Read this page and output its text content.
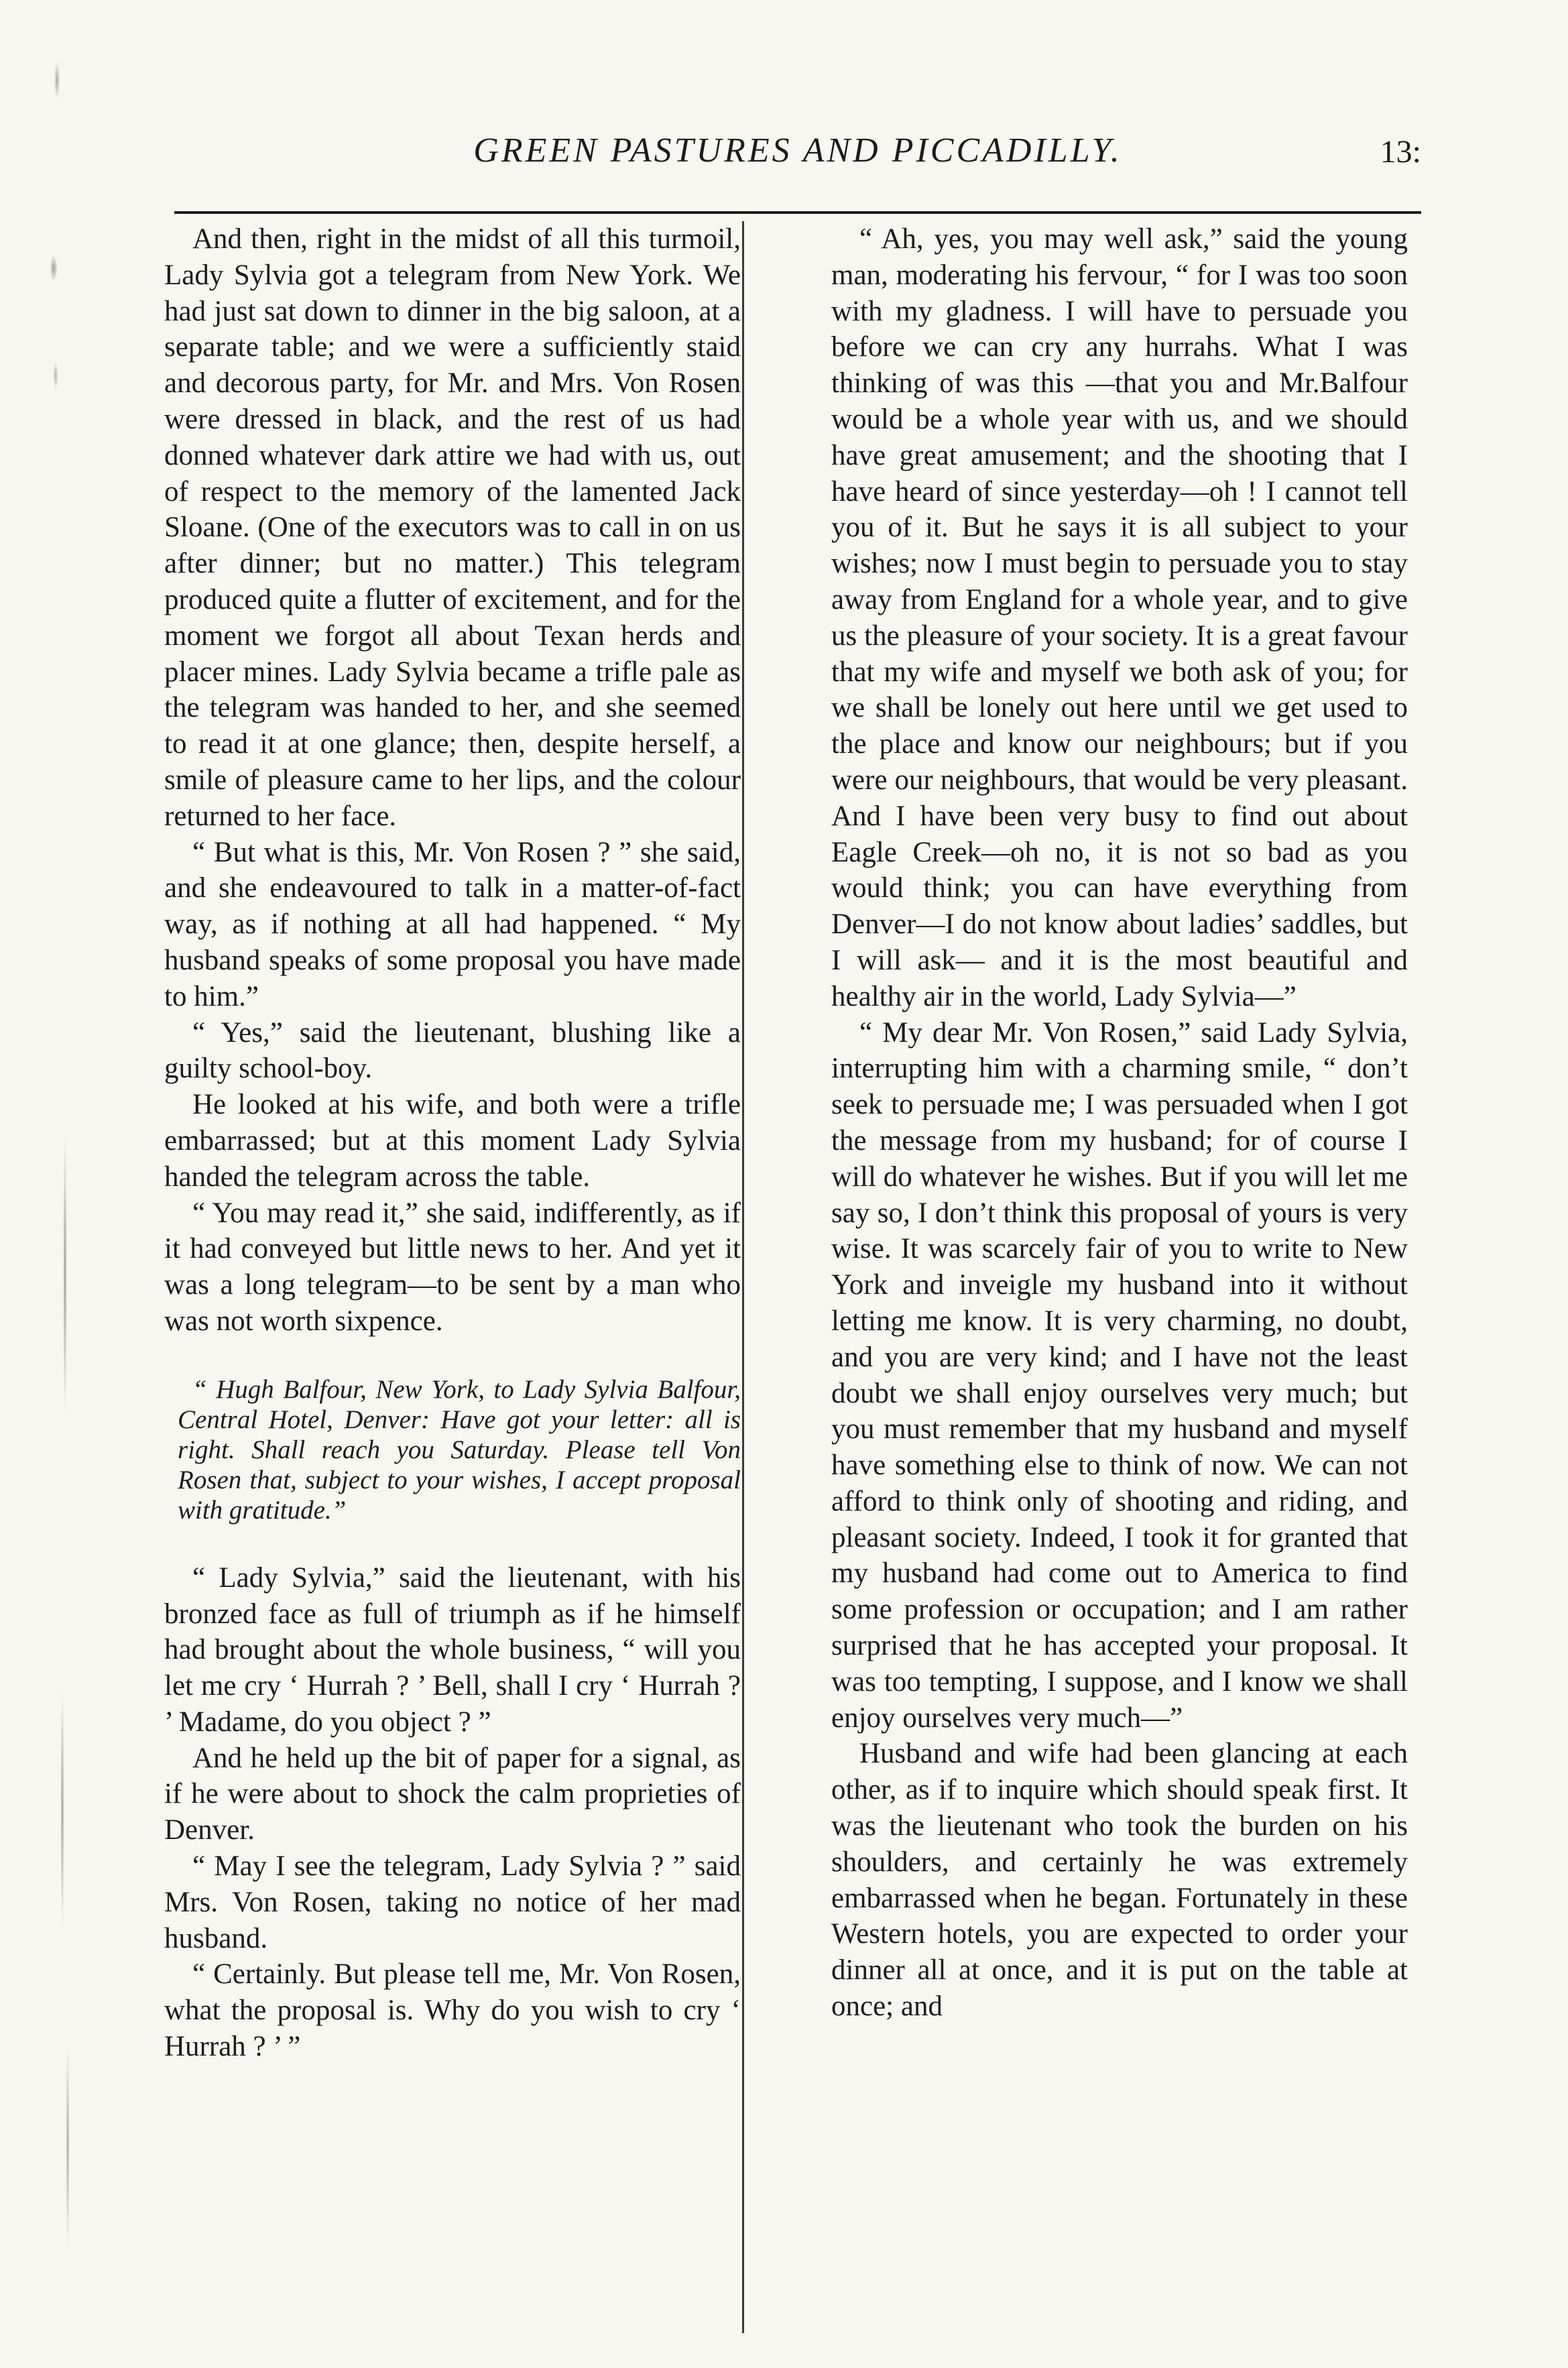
GREEN PASTURES AND PICCADILLY.	13:

And then, right in the midst of all this turmoil, Lady Sylvia got a telegram from New York. We had just sat down to dinner in the big saloon, at a separate table; and we were a sufficiently staid and decorous party, for Mr. and Mrs. Von Rosen were dressed in black, and the rest of us had donned whatever dark attire we had with us, out of respect to the memory of the lamented Jack Sloane. (One of the executors was to call in on us after dinner; but no matter.) This telegram produced quite a flutter of excitement, and for the moment we forgot all about Texan herds and placer mines. Lady Sylvia became a trifle pale as the telegram was handed to her, and she seemed to read it at one glance; then, despite herself, a smile of pleasure came to her lips, and the colour returned to her face.

“ But what is this, Mr. Von Rosen ? ” she said, and she endeavoured to talk in a matter-of-fact way, as if nothing at all had happened. “ My husband speaks of some proposal you have made to him.”

“ Yes,” said the lieutenant, blushing like a guilty school-boy.

He looked at his wife, and both were a trifle embarrassed; but at this moment Lady Sylvia handed the telegram across the table.

“ You may read it,” she said, indifferently, as if it had conveyed but little news to her. And yet it was a long telegram—to be sent by a man who was not worth sixpence.

“ Hugh Balfour, New York, to Lady Sylvia Balfour, Central Hotel, Denver: Have got your letter: all is right. Shall reach you Saturday. Please tell Von Rosen that, subject to your wishes, I accept proposal with gratitude.”

“ Lady Sylvia,” said the lieutenant, with his bronzed face as full of triumph as if he himself had brought about the whole business, “ will you let me cry ‘ Hurrah ? ’ Bell, shall I cry ‘ Hurrah ? ’ Madame, do you object ? ”

And he held up the bit of paper for a signal, as if he were about to shock the calm proprieties of Denver.

“ May I see the telegram, Lady Sylvia ? ” said Mrs. Von Rosen, taking no notice of her mad husband.

“ Certainly. But please tell me, Mr. Von Rosen, what the proposal is. Why do you wish to cry ‘ Hurrah ? ’ ”

“ Ah, yes, you may well ask,” said the young man, moderating his fervour, “ for I was too soon with my gladness. I will have to persuade you before we can cry any hurrahs. What I was thinking of was this —that you and Mr.Balfour would be a whole year with us, and we should have great amusement; and the shooting that I have heard of since yesterday—oh ! I cannot tell you of it. But he says it is all subject to your wishes; now I must begin to persuade you to stay away from England for a whole year, and to give us the pleasure of your society. It is a great favour that my wife and myself we both ask of you; for we shall be lonely out here until we get used to the place and know our neighbours; but if you were our neighbours, that would be very pleasant. And I have been very busy to find out about Eagle Creek—oh no, it is not so bad as you would think; you can have everything from Denver—I do not know about ladies’ saddles, but I will ask— and it is the most beautiful and healthy air in the world, Lady Sylvia—”

“ My dear Mr. Von Rosen,” said Lady Sylvia, interrupting him with a charming smile, “ don’t seek to persuade me; I was persuaded when I got the message from my husband; for of course I will do whatever he wishes. But if you will let me say so, I don’t think this proposal of yours is very wise. It was scarcely fair of you to write to New York and inveigle my husband into it without letting me know. It is very charming, no doubt, and you are very kind; and I have not the least doubt we shall enjoy ourselves very much; but you must remember that my husband and myself have something else to think of now. We can not afford to think only of shooting and riding, and pleasant society. Indeed, I took it for granted that my husband had come out to America to find some profession or occupation; and I am rather surprised that he has accepted your proposal. It was too tempting, I suppose, and I know we shall enjoy ourselves very much—”

Husband and wife had been glancing at each other, as if to inquire which should speak first. It was the lieutenant who took the burden on his shoulders, and certainly he was extremely embarrassed when he began. Fortunately in these Western hotels, you are expected to order your dinner all at once, and it is put on the table at once; and
